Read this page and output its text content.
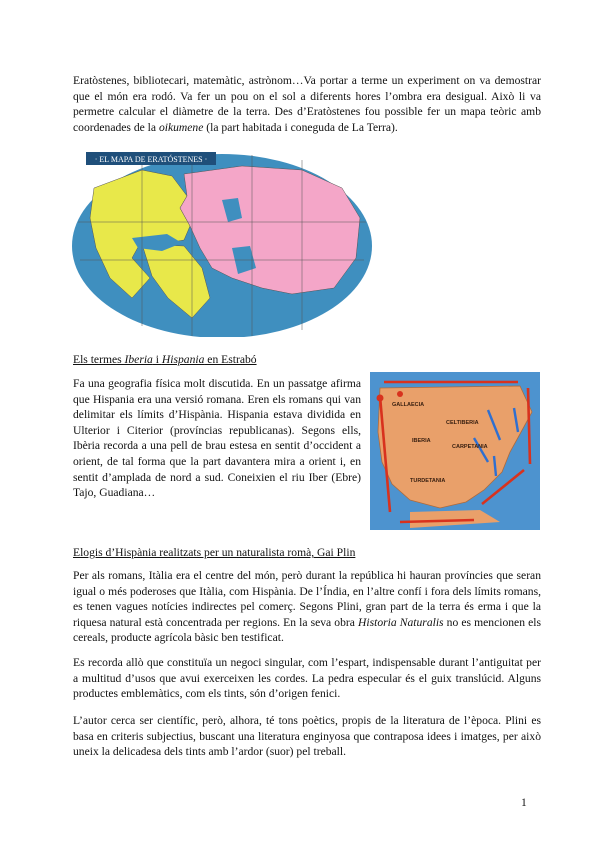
Eratòstenes, bibliotecari, matemàtic, astrònom…Va portar a terme un experiment on va demostrar que el món era rodó. Va fer un pou on el sol a diferents hores l’ombra era desigual. Això li va permetre calcular el diàmetre de la terra. Des d’Eratòstenes fou possible fer un mapa teòric amb coordenades de la oikumene (la part habitada i coneguda de La Terra).

· EL MAPA DE ERATÓSTENES ·

Els termes Iberia i Hispania en Estrabó

Fa una geografia física molt discutida. En un passatge afirma que Hispania era una versió romana. Eren els romans qui van delimitar els límits d’Hispània. Hispania estava dividida en Ulterior i Citerior (províncias republicanas). Segons ells, Ibèria recorda a una pell de brau estesa en sentit d’occident a orient, de tal forma que la part davantera mira a orient i, en sentit d’amplada de nord a sud. Coneixien el riu Iber (Ebre) Tajo, Guadiana…

IBERIA
CELTIBERIA
CARPETANIA
TURDETANIA
GALLAECIA

Elogis d’Hispània realitzats per un naturalista romà, Gai Plin

Per als romans, Itàlia era el centre del món, però durant la república hi hauran províncies que seran igual o més poderoses que Itàlia, com Hispània. De l’Índia, en l’altre confí i fora dels límits romans, es tenen vagues notícies indirectes pel comerç. Segons Plini, gran part de la terra és erma i que la riquesa natural està concentrada per regions. En la seva obra Historia Naturalis no es mencionen els cereals, producte agrícola bàsic ben testificat.

Es recorda allò que constituïa un negoci singular, com l’espart, indispensable durant l’antiguitat per a multitud d’usos que avui exerceixen les cordes. La pedra especular és el guix translúcid. Alguns productes emblemàtics, com els tints, són d’origen fenici.

L’autor cerca ser científic, però, alhora, té tons poètics, propis de la literatura de l’època. Plini es basa en criteris subjectius, buscant una literatura enginyosa que contraposa idees i imatges, per això uneix la delicadesa dels tints amb l’ardor (suor) pel treball.

1
